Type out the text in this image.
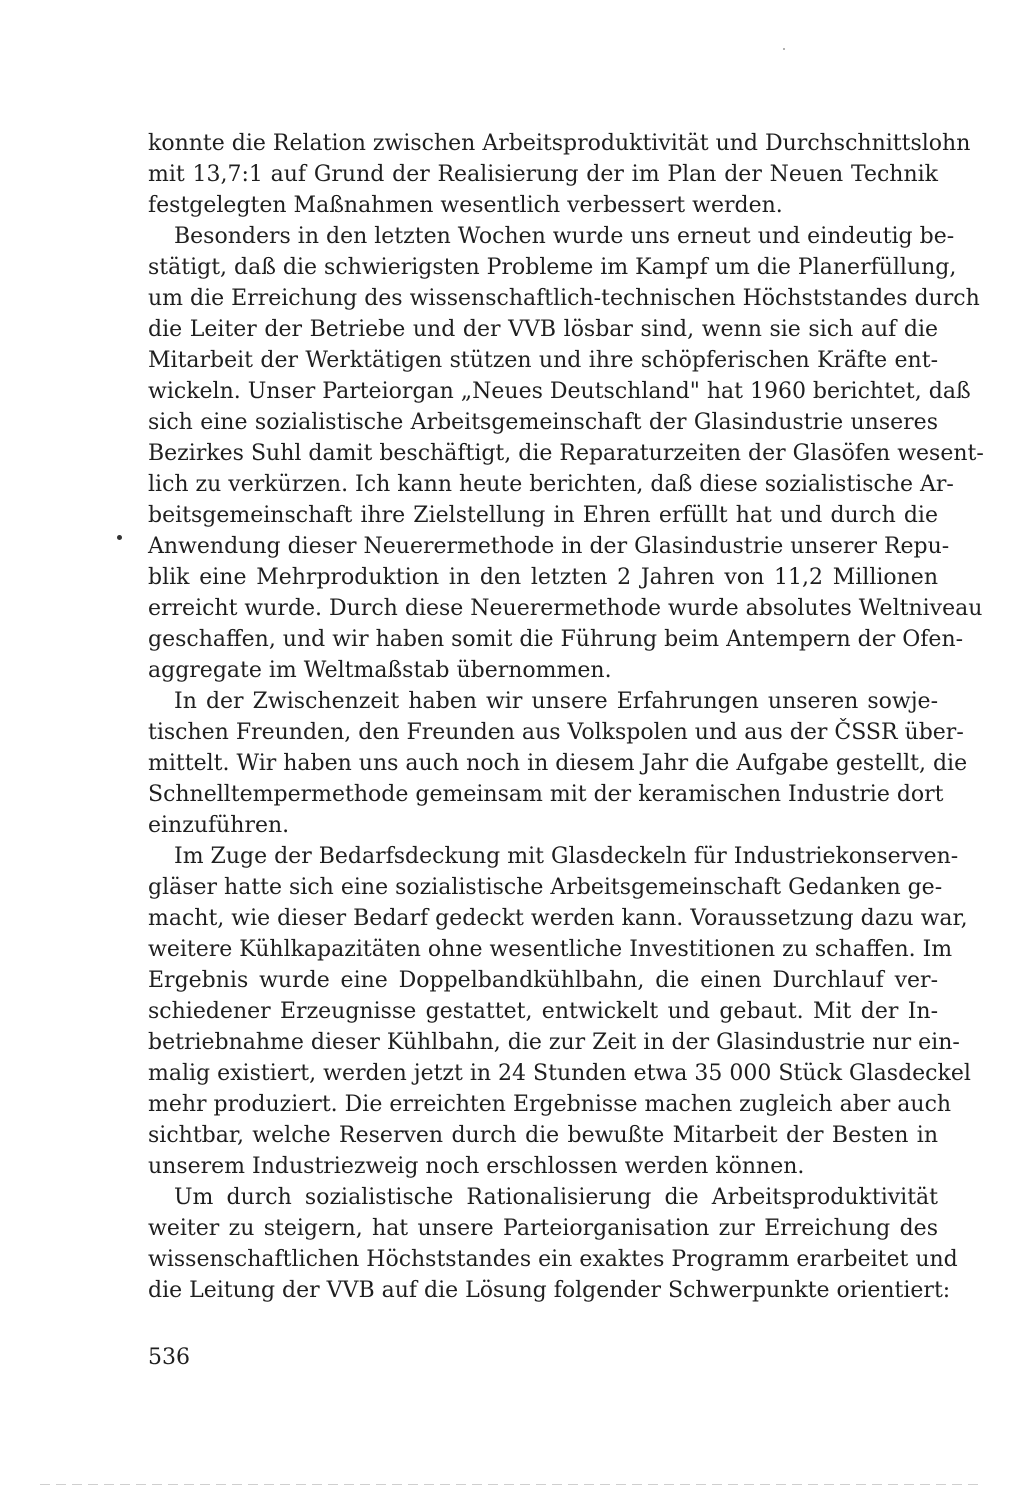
konnte die Relation zwischen Arbeitsproduktivität und Durchschnittslohn
mit 13,7:1 auf Grund der Realisierung der im Plan der Neuen Technik
festgelegten Maßnahmen wesentlich verbessert werden.
Besonders in den letzten Wochen wurde uns erneut und eindeutig be-
stätigt, daß die schwierigsten Probleme im Kampf um die Planerfüllung,
um die Erreichung des wissenschaftlich-technischen Höchststandes durch
die Leiter der Betriebe und der VVB lösbar sind, wenn sie sich auf die
Mitarbeit der Werktätigen stützen und ihre schöpferischen Kräfte ent-
wickeln. Unser Parteiorgan „Neues Deutschland" hat 1960 berichtet, daß
sich eine sozialistische Arbeitsgemeinschaft der Glasindustrie unseres
Bezirkes Suhl damit beschäftigt, die Reparaturzeiten der Glasöfen wesent-
lich zu verkürzen. Ich kann heute berichten, daß diese sozialistische Ar-
beitsgemeinschaft ihre Zielstellung in Ehren erfüllt hat und durch die
Anwendung dieser Neuerermethode in der Glasindustrie unserer Repu-
blik eine Mehrproduktion in den letzten 2 Jahren von 11,2 Millionen
erreicht wurde. Durch diese Neuerermethode wurde absolutes Weltniveau
geschaffen, und wir haben somit die Führung beim Antempern der Ofen-
aggregate im Weltmaßstab übernommen.
In der Zwischenzeit haben wir unsere Erfahrungen unseren sowje-
tischen Freunden, den Freunden aus Volkspolen und aus der ČSSR über-
mittelt. Wir haben uns auch noch in diesem Jahr die Aufgabe gestellt, die
Schnelltempermethode gemeinsam mit der keramischen Industrie dort
einzuführen.
Im Zuge der Bedarfsdeckung mit Glasdeckeln für Industriekonserven-
gläser hatte sich eine sozialistische Arbeitsgemeinschaft Gedanken ge-
macht, wie dieser Bedarf gedeckt werden kann. Voraussetzung dazu war,
weitere Kühlkapazitäten ohne wesentliche Investitionen zu schaffen. Im
Ergebnis wurde eine Doppelbandkühlbahn, die einen Durchlauf ver-
schiedener Erzeugnisse gestattet, entwickelt und gebaut. Mit der In-
betriebnahme dieser Kühlbahn, die zur Zeit in der Glasindustrie nur ein-
malig existiert, werden jetzt in 24 Stunden etwa 35 000 Stück Glasdeckel
mehr produziert. Die erreichten Ergebnisse machen zugleich aber auch
sichtbar, welche Reserven durch die bewußte Mitarbeit der Besten in
unserem Industriezweig noch erschlossen werden können.
Um durch sozialistische Rationalisierung die Arbeitsproduktivität
weiter zu steigern, hat unsere Parteiorganisation zur Erreichung des
wissenschaftlichen Höchststandes ein exaktes Programm erarbeitet und
die Leitung der VVB auf die Lösung folgender Schwerpunkte orientiert:
536
